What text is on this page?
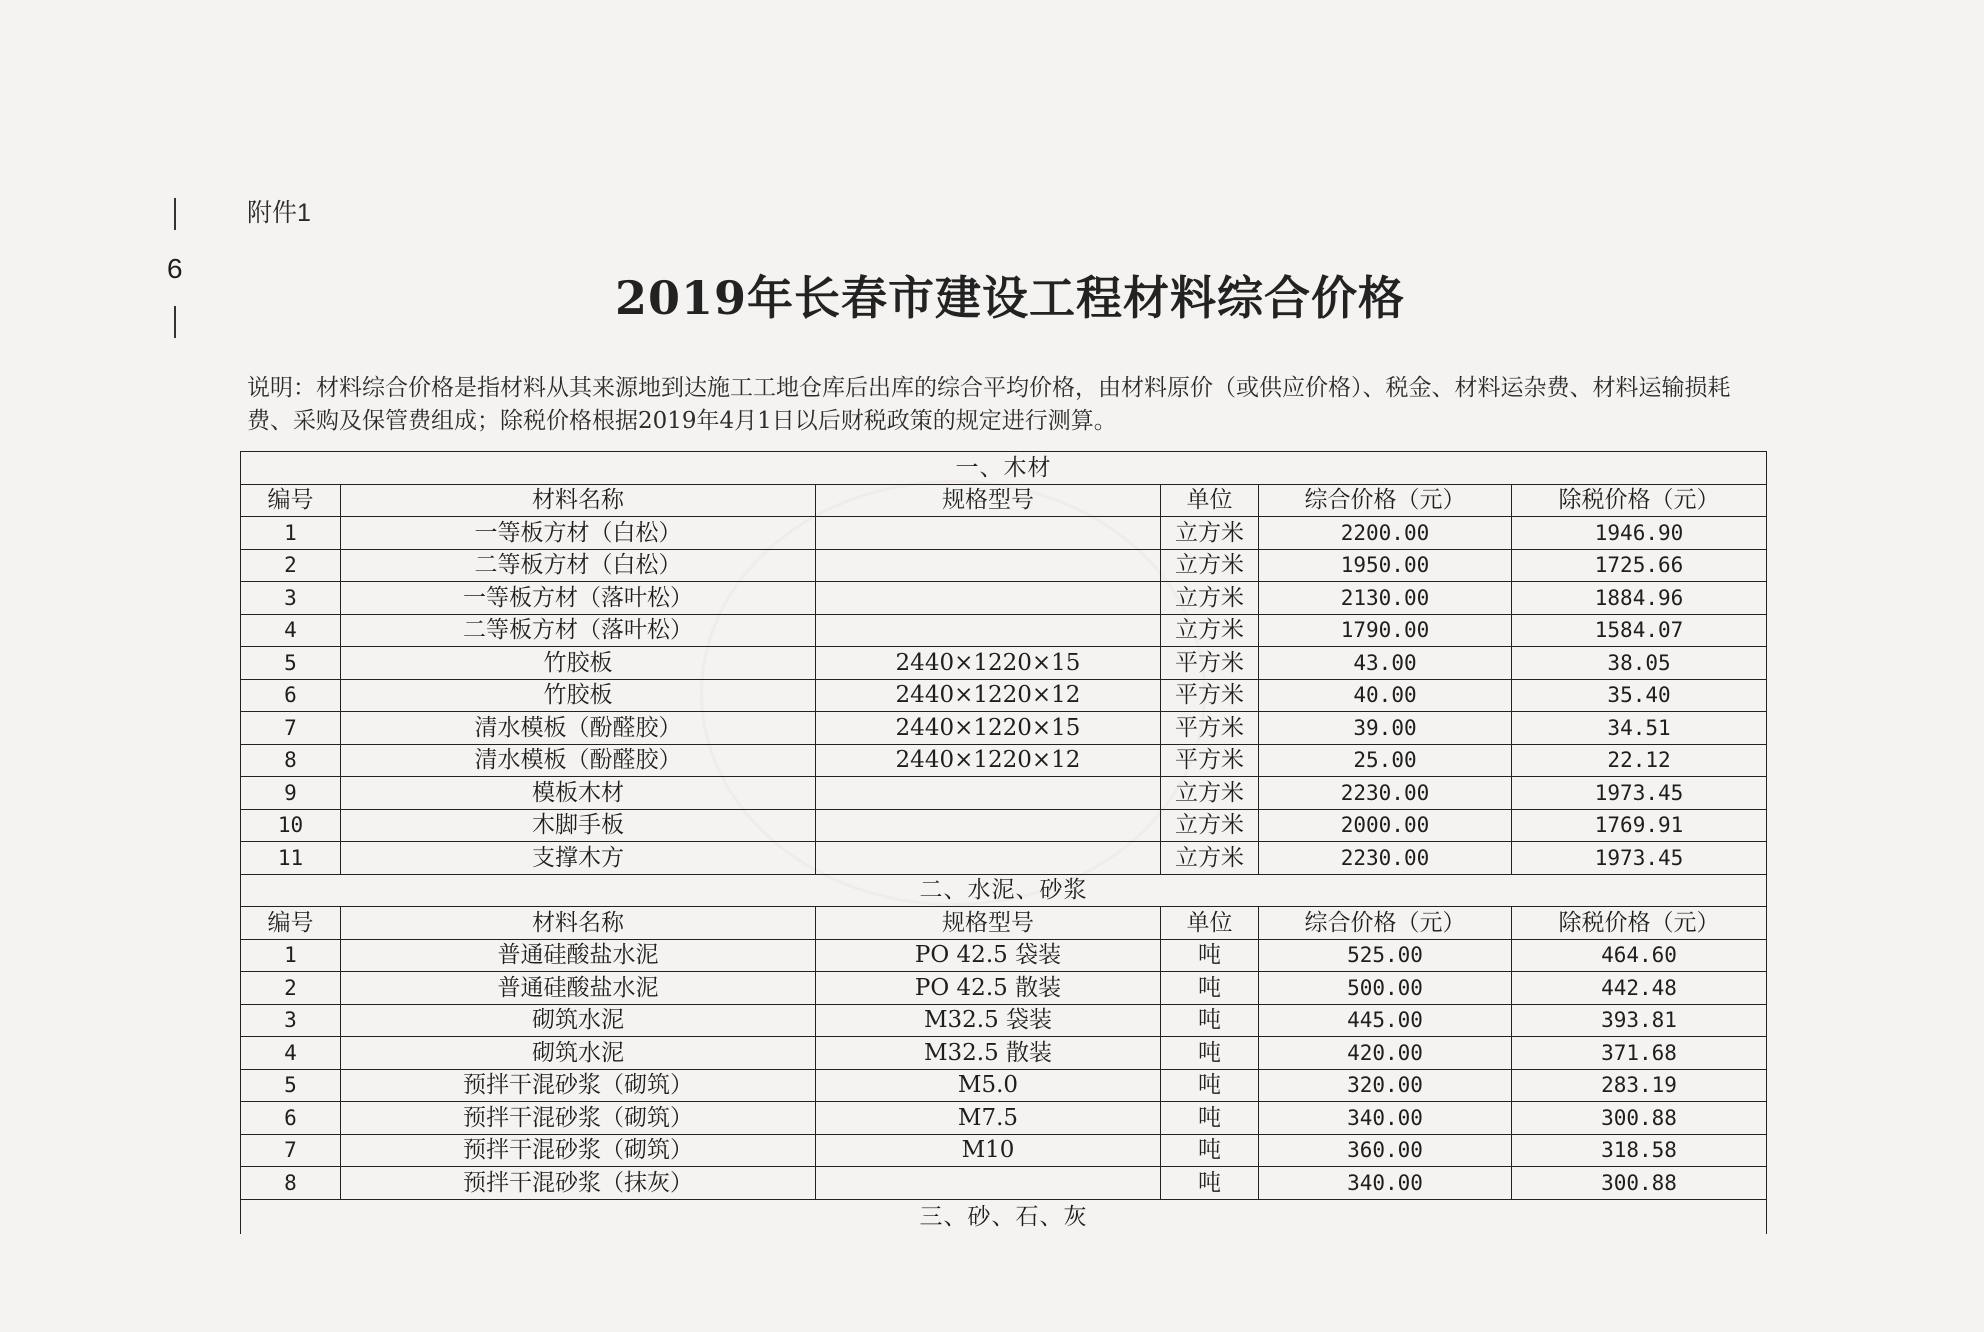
9
附件1
2019年长春市建设工程材料综合价格
说明：材料综合价格是指材料从其来源地到达施工工地仓库后出库的综合平均价格，由材料原价（或供应价格）、税金、材料运杂费、材料运输损耗费、采购及保管费组成；除税价格根据2019年4月1日以后财税政策的规定进行测算。
一、木材					
编号	材料名称	规格型号	单位	综合价格（元）	除税价格（元）
1	一等板方材（白松）		立方米	2200.00	1946.90
2	二等板方材（白松）		立方米	1950.00	1725.66
3	一等板方材（落叶松）		立方米	2130.00	1884.96
4	二等板方材（落叶松）		立方米	1790.00	1584.07
5	竹胶板	2440×1220×15	平方米	43.00	38.05
6	竹胶板	2440×1220×12	平方米	40.00	35.40
7	清水模板（酚醛胶）	2440×1220×15	平方米	39.00	34.51
8	清水模板（酚醛胶）	2440×1220×12	平方米	25.00	22.12
9	模板木材		立方米	2230.00	1973.45
10	木脚手板		立方米	2000.00	1769.91
11	支撑木方		立方米	2230.00	1973.45
二、水泥、砂浆					
编号	材料名称	规格型号	单位	综合价格（元）	除税价格（元）
1	普通硅酸盐水泥	PO 42.5 袋装	吨	525.00	464.60
2	普通硅酸盐水泥	PO 42.5 散装	吨	500.00	442.48
3	砌筑水泥	M32.5 袋装	吨	445.00	393.81
4	砌筑水泥	M32.5 散装	吨	420.00	371.68
5	预拌干混砂浆（砌筑）	M5.0	吨	320.00	283.19
6	预拌干混砂浆（砌筑）	M7.5	吨	340.00	300.88
7	预拌干混砂浆（砌筑）	M10	吨	360.00	318.58
8	预拌干混砂浆（抹灰）		吨	340.00	300.88
三、砂、石、灰					
